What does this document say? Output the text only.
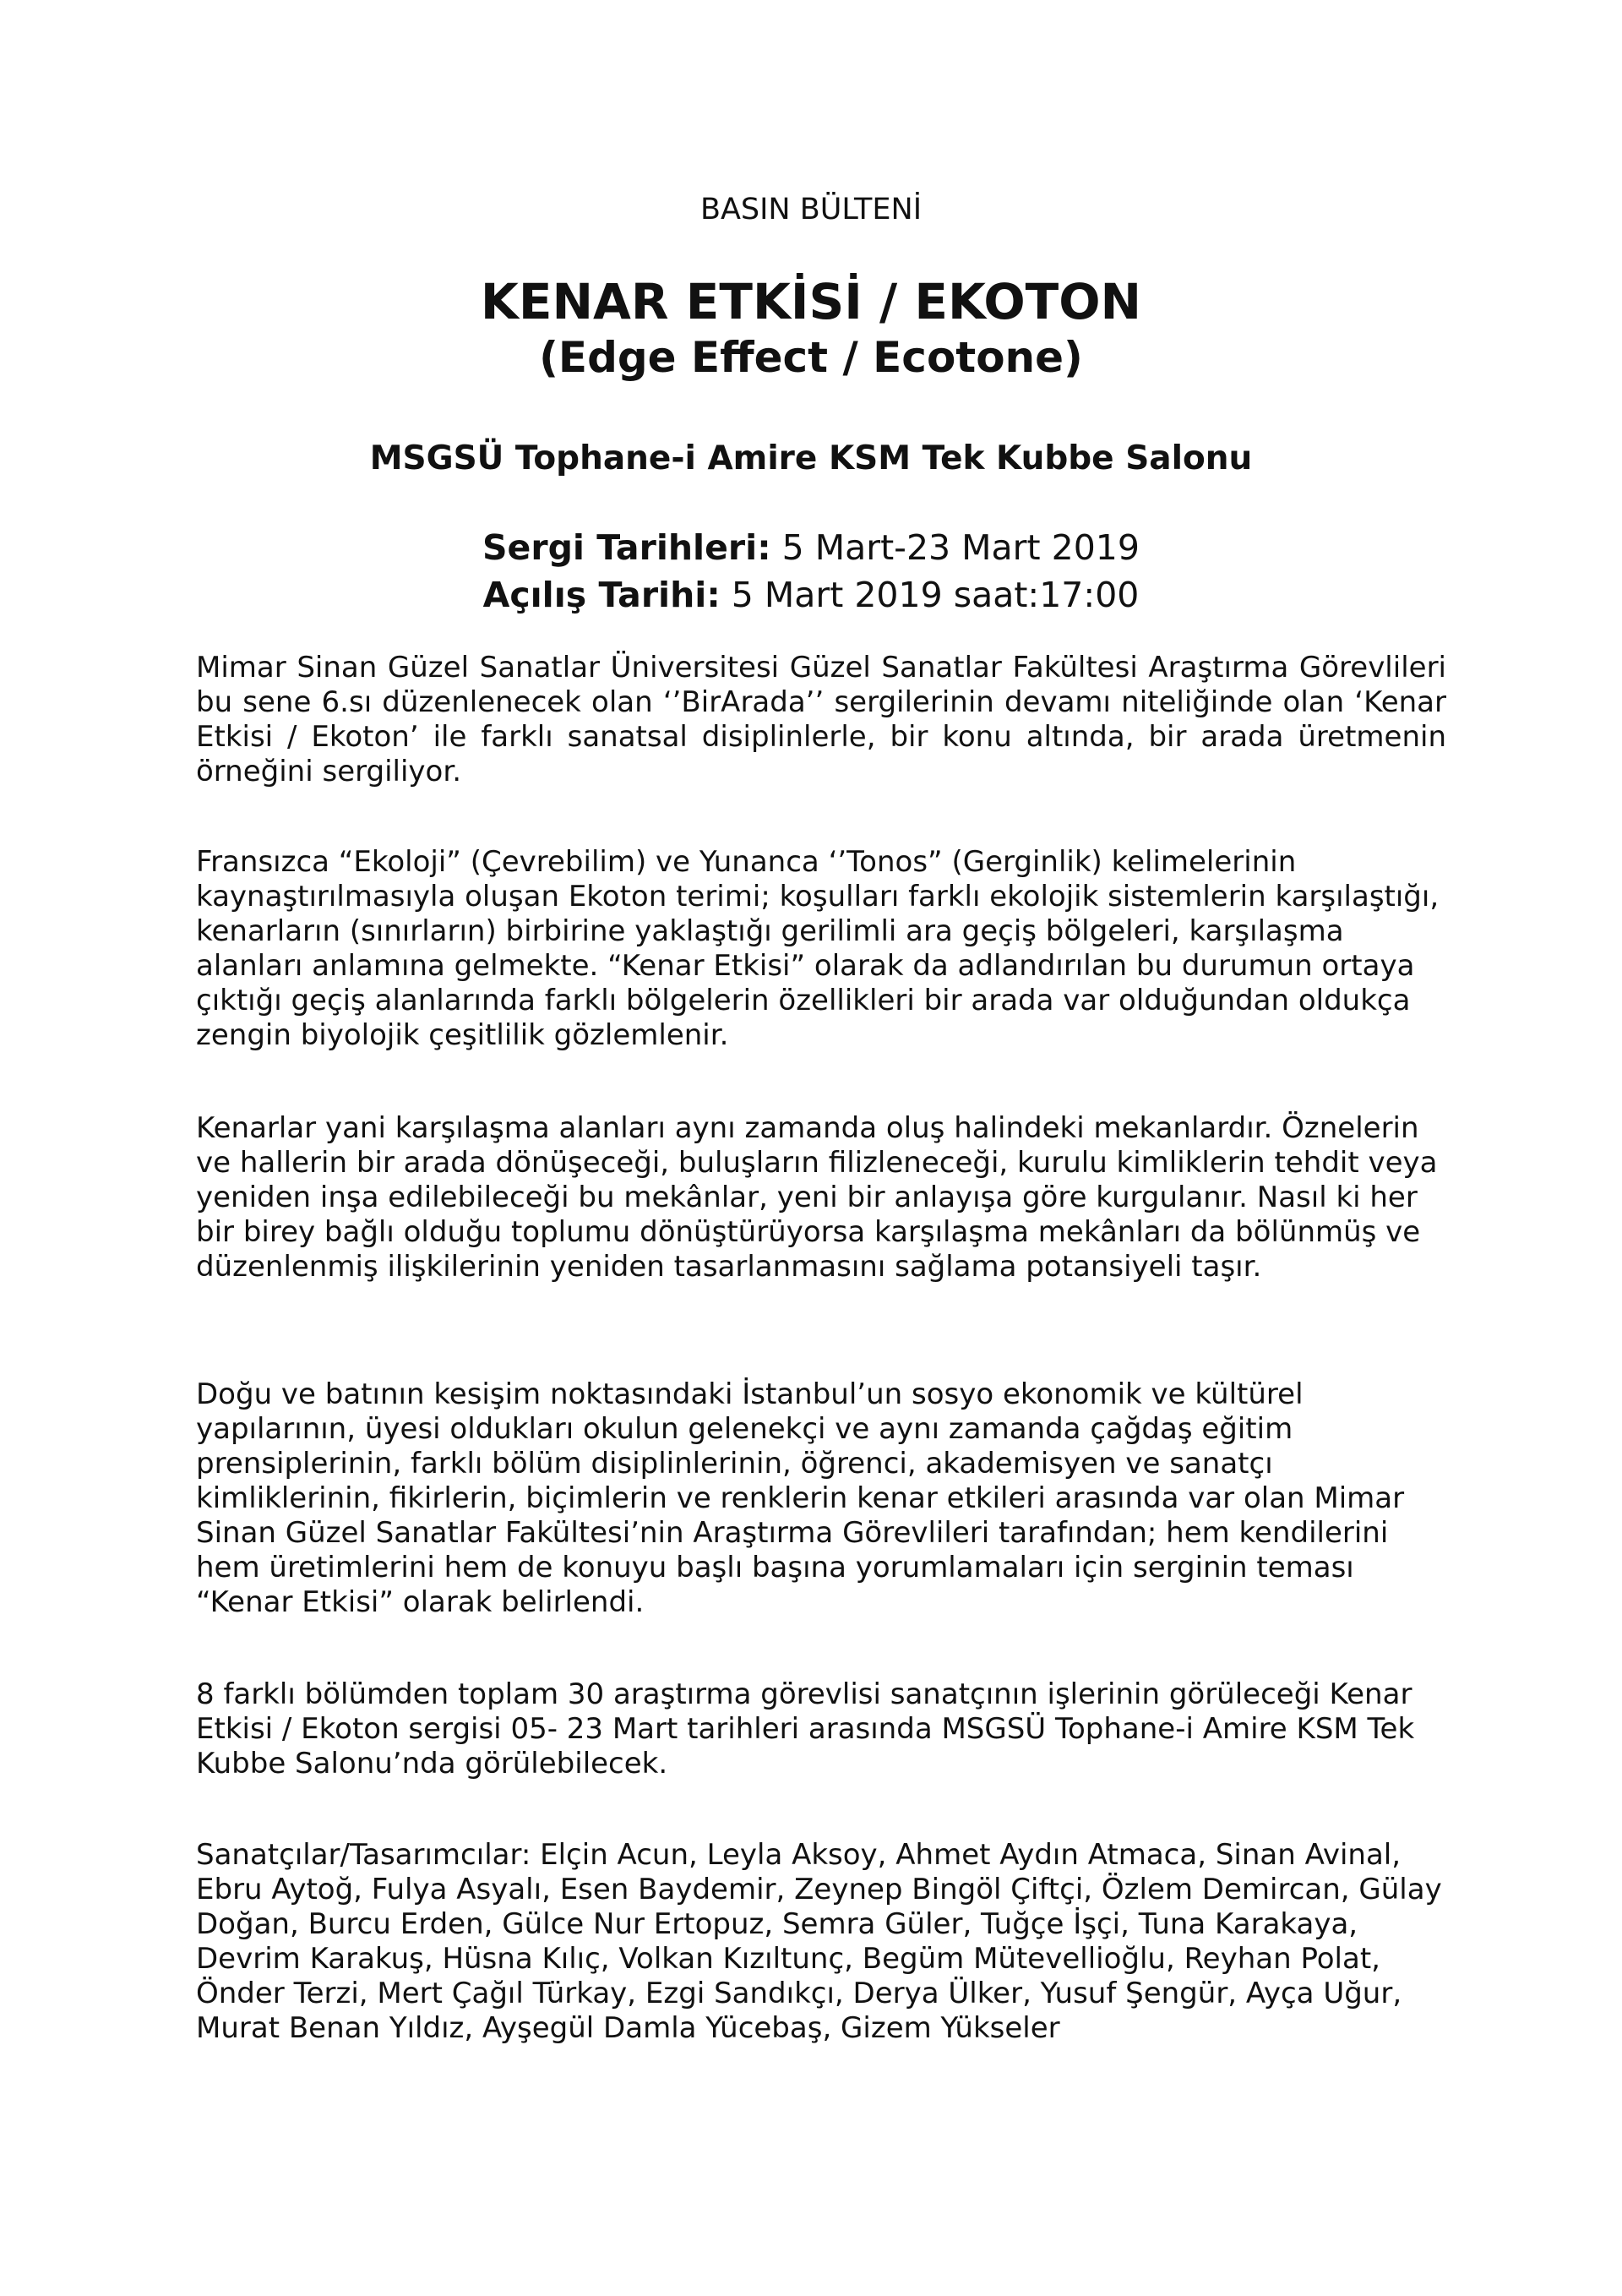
BASIN BÜLTENİ
KENAR ETKİSİ / EKOTON
(Edge Effect / Ecotone)
MSGSÜ Tophane-i Amire KSM Tek Kubbe Salonu
Sergi Tarihleri: 5 Mart-23 Mart 2019
Açılış Tarihi: 5 Mart 2019 saat:17:00

Mimar Sinan Güzel Sanatlar Üniversitesi Güzel Sanatlar Fakültesi Araştırma Görevlileri bu sene 6.sı düzenlenecek olan ‘’BirArada’’ sergilerinin devamı niteliğinde olan ‘Kenar Etkisi / Ekoton’ ile farklı sanatsal disiplinlerle, bir konu altında, bir arada üretmenin örneğini sergiliyor.

Fransızca “Ekoloji” (Çevrebilim) ve Yunanca ‘’Tonos” (Gerginlik) kelimelerinin kaynaştırılmasıyla oluşan Ekoton terimi; koşulları farklı ekolojik sistemlerin karşılaştığı, kenarların (sınırların) birbirine yaklaştığı gerilimli ara geçiş bölgeleri, karşılaşma alanları anlamına gelmekte. “Kenar Etkisi” olarak da adlandırılan bu durumun ortaya çıktığı geçiş alanlarında farklı bölgelerin özellikleri bir arada var olduğundan oldukça zengin biyolojik çeşitlilik gözlemlenir.

Kenarlar yani karşılaşma alanları aynı zamanda oluş halindeki mekanlardır. Öznelerin ve hallerin bir arada dönüşeceği, buluşların filizleneceği, kurulu kimliklerin tehdit veya yeniden inşa edilebileceği bu mekânlar, yeni bir anlayışa göre kurgulanır. Nasıl ki her bir birey bağlı olduğu toplumu dönüştürüyorsa karşılaşma mekânları da bölünmüş ve düzenlenmiş ilişkilerinin yeniden tasarlanmasını sağlama potansiyeli taşır.

Doğu ve batının kesişim noktasındaki İstanbul’un sosyo ekonomik ve kültürel yapılarının, üyesi oldukları okulun gelenekçi ve aynı zamanda çağdaş eğitim prensiplerinin, farklı bölüm disiplinlerinin, öğrenci, akademisyen ve sanatçı kimliklerinin, fikirlerin, biçimlerin ve renklerin kenar etkileri arasında var olan Mimar Sinan Güzel Sanatlar Fakültesi’nin Araştırma Görevlileri tarafından; hem kendilerini hem üretimlerini hem de konuyu başlı başına yorumlamaları için serginin teması “Kenar Etkisi” olarak belirlendi.

8 farklı bölümden toplam 30 araştırma görevlisi sanatçının işlerinin görüleceği Kenar Etkisi / Ekoton sergisi 05- 23 Mart tarihleri arasında MSGSÜ Tophane-i Amire KSM Tek Kubbe Salonu’nda görülebilecek.

Sanatçılar/Tasarımcılar: Elçin Acun, Leyla Aksoy, Ahmet Aydın Atmaca, Sinan Avinal, Ebru Aytoğ, Fulya Asyalı, Esen Baydemir, Zeynep Bingöl Çiftçi, Özlem Demircan, Gülay Doğan, Burcu Erden, Gülce Nur Ertopuz, Semra Güler, Tuğçe İşçi, Tuna Karakaya, Devrim Karakuş, Hüsna Kılıç, Volkan Kızıltunç, Begüm Mütevellioğlu, Reyhan Polat, Önder Terzi, Mert Çağıl Türkay, Ezgi Sandıkçı, Derya Ülker, Yusuf Şengür, Ayça Uğur, Murat Benan Yıldız, Ayşegül Damla Yücebaş, Gizem Yükseler
